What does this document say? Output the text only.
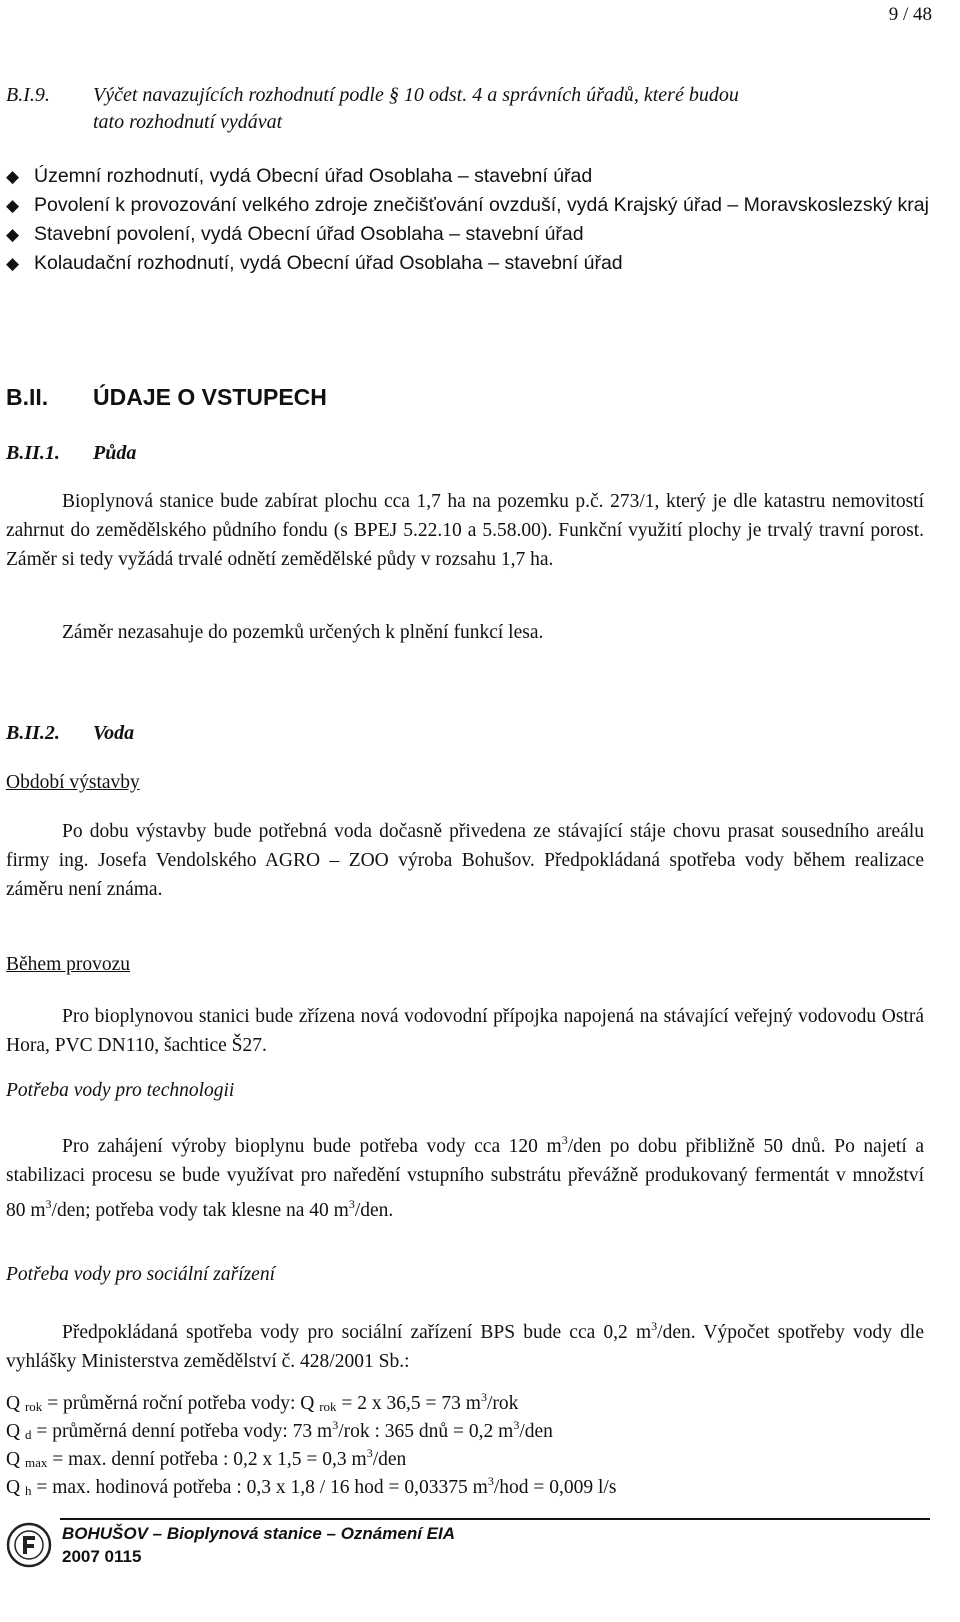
9 / 48
B.I.9. Výčet navazujících rozhodnutí podle § 10 odst. 4 a správních úřadů, které budou
tato rozhodnutí vydávat
◆ Územní rozhodnutí, vydá Obecní úřad Osoblaha – stavební úřad
◆ Povolení k provozování velkého zdroje znečišťování ovzduší, vydá Krajský úřad – Moravskoslezský kraj
◆ Stavební povolení, vydá Obecní úřad Osoblaha – stavební úřad
◆ Kolaudační rozhodnutí, vydá Obecní úřad Osoblaha – stavební úřad
B.II. ÚDAJE O VSTUPECH
B.II.1. Půda
Bioplynová stanice bude zabírat plochu cca 1,7 ha na pozemku p.č. 273/1, který je dle katastru nemovitostí zahrnut do zemědělského půdního fondu (s BPEJ 5.22.10 a 5.58.00). Funkční využití plochy je trvalý travní porost. Záměr si tedy vyžádá trvalé odnětí zemědělské půdy v rozsahu 1,7 ha.
Záměr nezasahuje do pozemků určených k plnění funkcí lesa.
B.II.2. Voda
Období výstavby
Po dobu výstavby bude potřebná voda dočasně přivedena ze stávající stáje chovu prasat sousedního areálu firmy ing. Josefa Vendolského AGRO – ZOO výroba Bohušov. Předpokládaná spotřeba vody během realizace záměru není známa.
Během provozu
Pro bioplynovou stanici bude zřízena nová vodovodní přípojka napojená na stávající veřejný vodovodu Ostrá Hora, PVC DN110, šachtice Š27.
Potřeba vody pro technologii
Pro zahájení výroby bioplynu bude potřeba vody cca 120 $m^3$/den po dobu přibližně 50 dnů. Po najetí a stabilizaci procesu se bude využívat pro naředění vstupního substrátu převážně produkovaný fermentát v množství 80 $m^3$/den; potřeba vody tak klesne na 40 $m^3$/den.
Potřeba vody pro sociální zařízení
Předpokládaná spotřeba vody pro sociální zařízení BPS bude cca 0,2 $m^3$/den. Výpočet spotřeby vody dle vyhlášky Ministerstva zemědělství č. 428/2001 Sb.:
Q $_{rok}$ = průměrná roční potřeba vody: Q $_{rok}$ = 2 x 36,5 = 73 $m^3$/rok
Q $_d$ = průměrná denní potřeba vody: 73 $m^3$/rok : 365 dnů = 0,2 $m^3$/den
Q $_{max}$ = max. denní potřeba : 0,2 x 1,5 = 0,3 $m^3$/den
Q $_h$ = max. hodinová potřeba : 0,3 x 1,8 / 16 hod = 0,03375 $m^3$/hod = 0,009 l/s
BOHUŠOV – Bioplynová stanice – Oznámení EIA
2007 0115
